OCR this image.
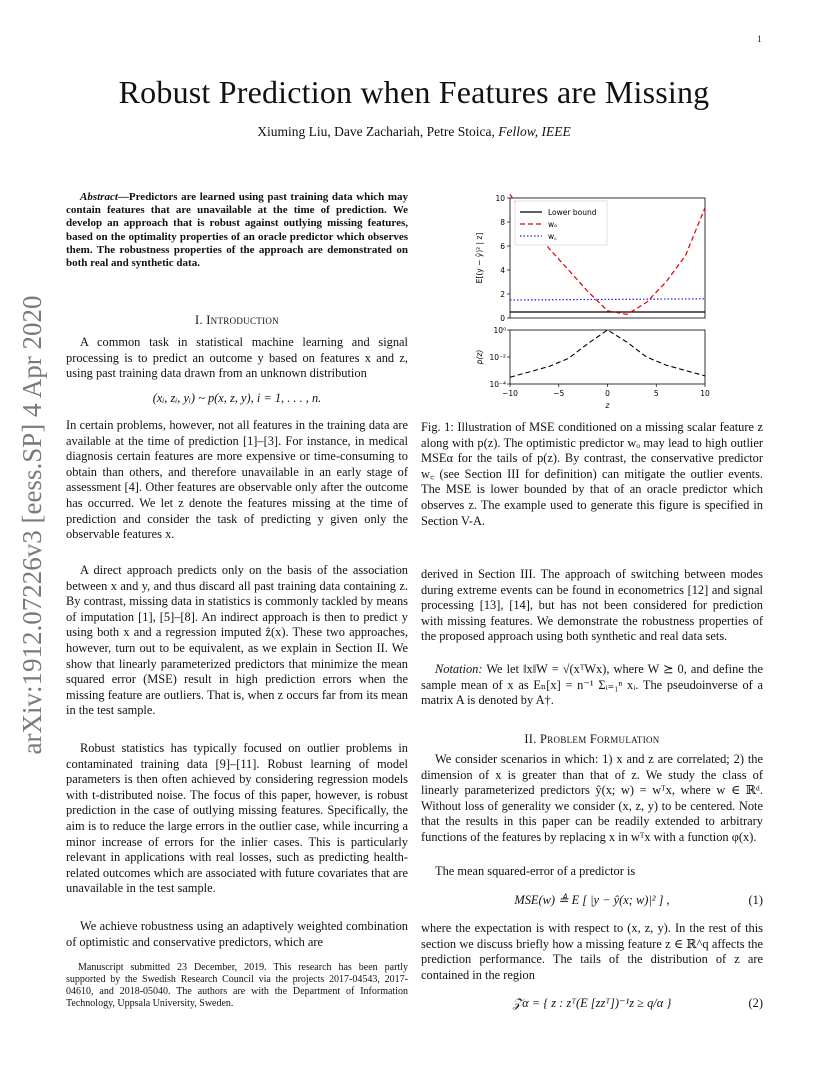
1
Robust Prediction when Features are Missing
Xiuming Liu, Dave Zachariah, Petre Stoica, Fellow, IEEE
arXiv:1912.07226v3 [eess.SP] 4 Apr 2020
Abstract—Predictors are learned using past training data which may contain features that are unavailable at the time of prediction. We develop an approach that is robust against outlying missing features, based on the optimality properties of an oracle predictor which observes them. The robustness properties of the approach are demonstrated on both real and synthetic data.
I. Introduction

A common task in statistical machine learning and signal processing is to predict an outcome y based on features x and z, using past training data drawn from an unknown distribution

(xᵢ, zᵢ, yᵢ) ~ p(x, z, y), i = 1, . . . , n.

In certain problems, however, not all features in the training data are available at the time of prediction [1]–[3]. For instance, in medical diagnosis certain features are more expensive or time-consuming to obtain than others, and therefore unavailable in an early stage of assessment [4]. Other features are observable only after the outcome has occurred. We let z denote the features missing at the time of prediction and consider the task of predicting y given only the observable features x.

A direct approach predicts only on the basis of the association between x and y, and thus discard all past training data containing z. By contrast, missing data in statistics is commonly tackled by means of imputation [1], [5]–[8]. An indirect approach is then to predict y using both x and a regression imputed ẑ(x). These two approaches, however, turn out to be equivalent, as we explain in Section II. We show that linearly parameterized predictors that minimize the mean squared error (MSE) result in high prediction errors when the missing feature are outliers. That is, when z occurs far from its mean in the test sample.

Robust statistics has typically focused on outlier problems in contaminated training data [9]–[11]. Robust learning of model parameters is then often achieved by considering regression models with t-distributed noise. The focus of this paper, however, is robust prediction in the case of outlying missing features. Specifically, the aim is to reduce the large errors in the outlier case, while incurring a minor increase of errors for the inlier cases. This is particularly relevant in applications with real losses, such as predicting health-related outcomes which are associated with future covariates that are unavailable in the test sample.

We achieve robustness using an adaptively weighted combination of optimistic and conservative predictors, which are

Manuscript submitted 23 December, 2019. This research has been partly supported by the Swedish Research Council via the projects 2017-04543, 2017-04610, and 2018-05040. The authors are with the Department of Information Technology, Uppsala University, Sweden.
0
2
4
6
8
10
E[(y − ŷ)² | z]
Lower bound
wₒ
w꜀
10⁰
10⁻²
10⁻⁴
−10	−5	0	5	10
p(z)
z
Fig. 1: Illustration of MSE conditioned on a missing scalar feature z along with p(z). The optimistic predictor wₒ may lead to high outlier MSEα for the tails of p(z). By contrast, the conservative predictor w꜀ (see Section III for definition) can mitigate the outlier events. The MSE is lower bounded by that of an oracle predictor which observes z. The example used to generate this figure is specified in Section V-A.

derived in Section III. The approach of switching between modes during extreme events can be found in econometrics [12] and signal processing [13], [14], but has not been considered for prediction with missing features. We demonstrate the robustness properties of the proposed approach using both synthetic and real data sets.

Notation: We let ‖x‖W = √(xᵀWx), where W ⪰ 0, and define the sample mean of x as Eₙ[x] = n⁻¹ Σᵢ₌₁ⁿ xᵢ. The pseudoinverse of a matrix A is denoted by A†.

II. Problem Formulation

We consider scenarios in which: 1) x and z are correlated; 2) the dimension of x is greater than that of z. We study the class of linearly parameterized predictors ŷ(x; w) = wᵀx, where w ∈ ℝᵈ. Without loss of generality we consider (x, z, y) to be centered. Note that the results in this paper can be readily extended to arbitrary functions of the features by replacing x in wᵀx with a function φ(x).

The mean squared-error of a predictor is

MSE(w) ≜ E [ |y − ŷ(x; w)|² ] ,	(1)

where the expectation is with respect to (x, z, y). In the rest of this section we discuss briefly how a missing feature z ∈ ℝ^q affects the prediction performance. The tails of the distribution of z are contained in the region

𝒵α = { z : zᵀ(E [zzᵀ])⁻¹z ≥ q/α }	(2)
